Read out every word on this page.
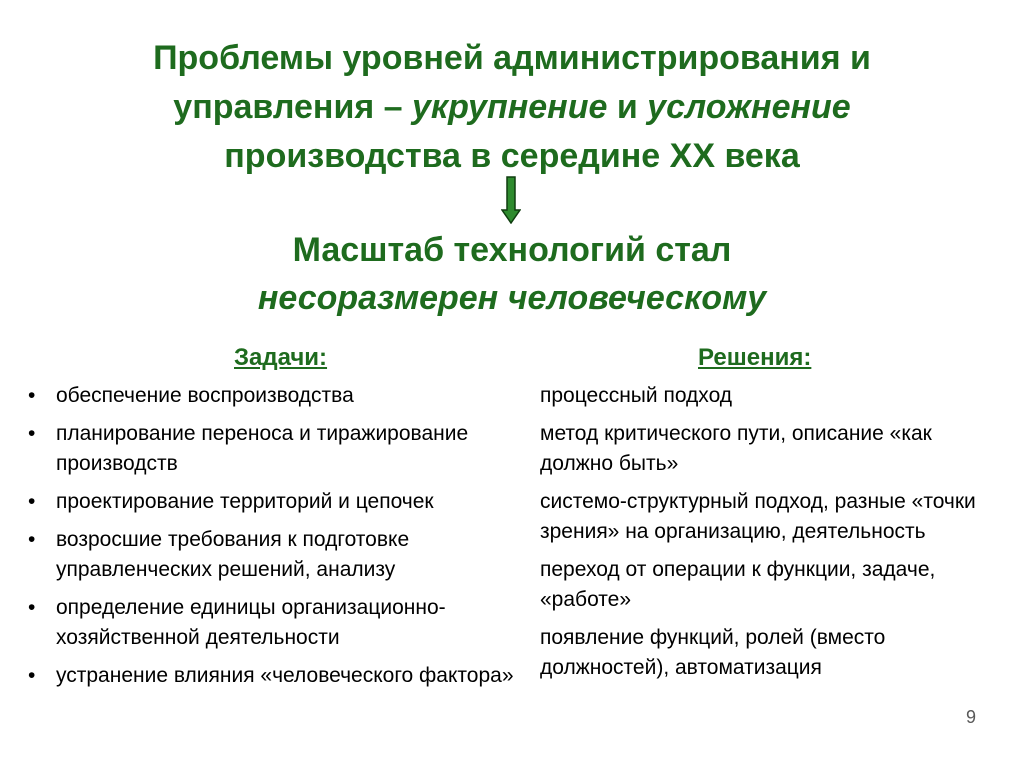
Проблемы уровней администрирования и
управления – укрупнение и усложнение
производства в середине XX века
Масштаб технологий стал
несоразмерен человеческому
Задачи:	Решения:
• обеспечение воспроизводства
• планирование переноса и тиражирование производств
• проектирование территорий и цепочек
• возросшие требования к подготовке управленческих решений, анализу
• определение единицы организационно-хозяйственной деятельности
• устранение влияния «человеческого фактора»
процессный подход
метод критического пути, описание «как должно быть»
системо-структурный подход, разные «точки зрения» на организацию, деятельность
переход от операции к функции, задаче, «работе»
появление функций, ролей (вместо должностей), автоматизация
9
